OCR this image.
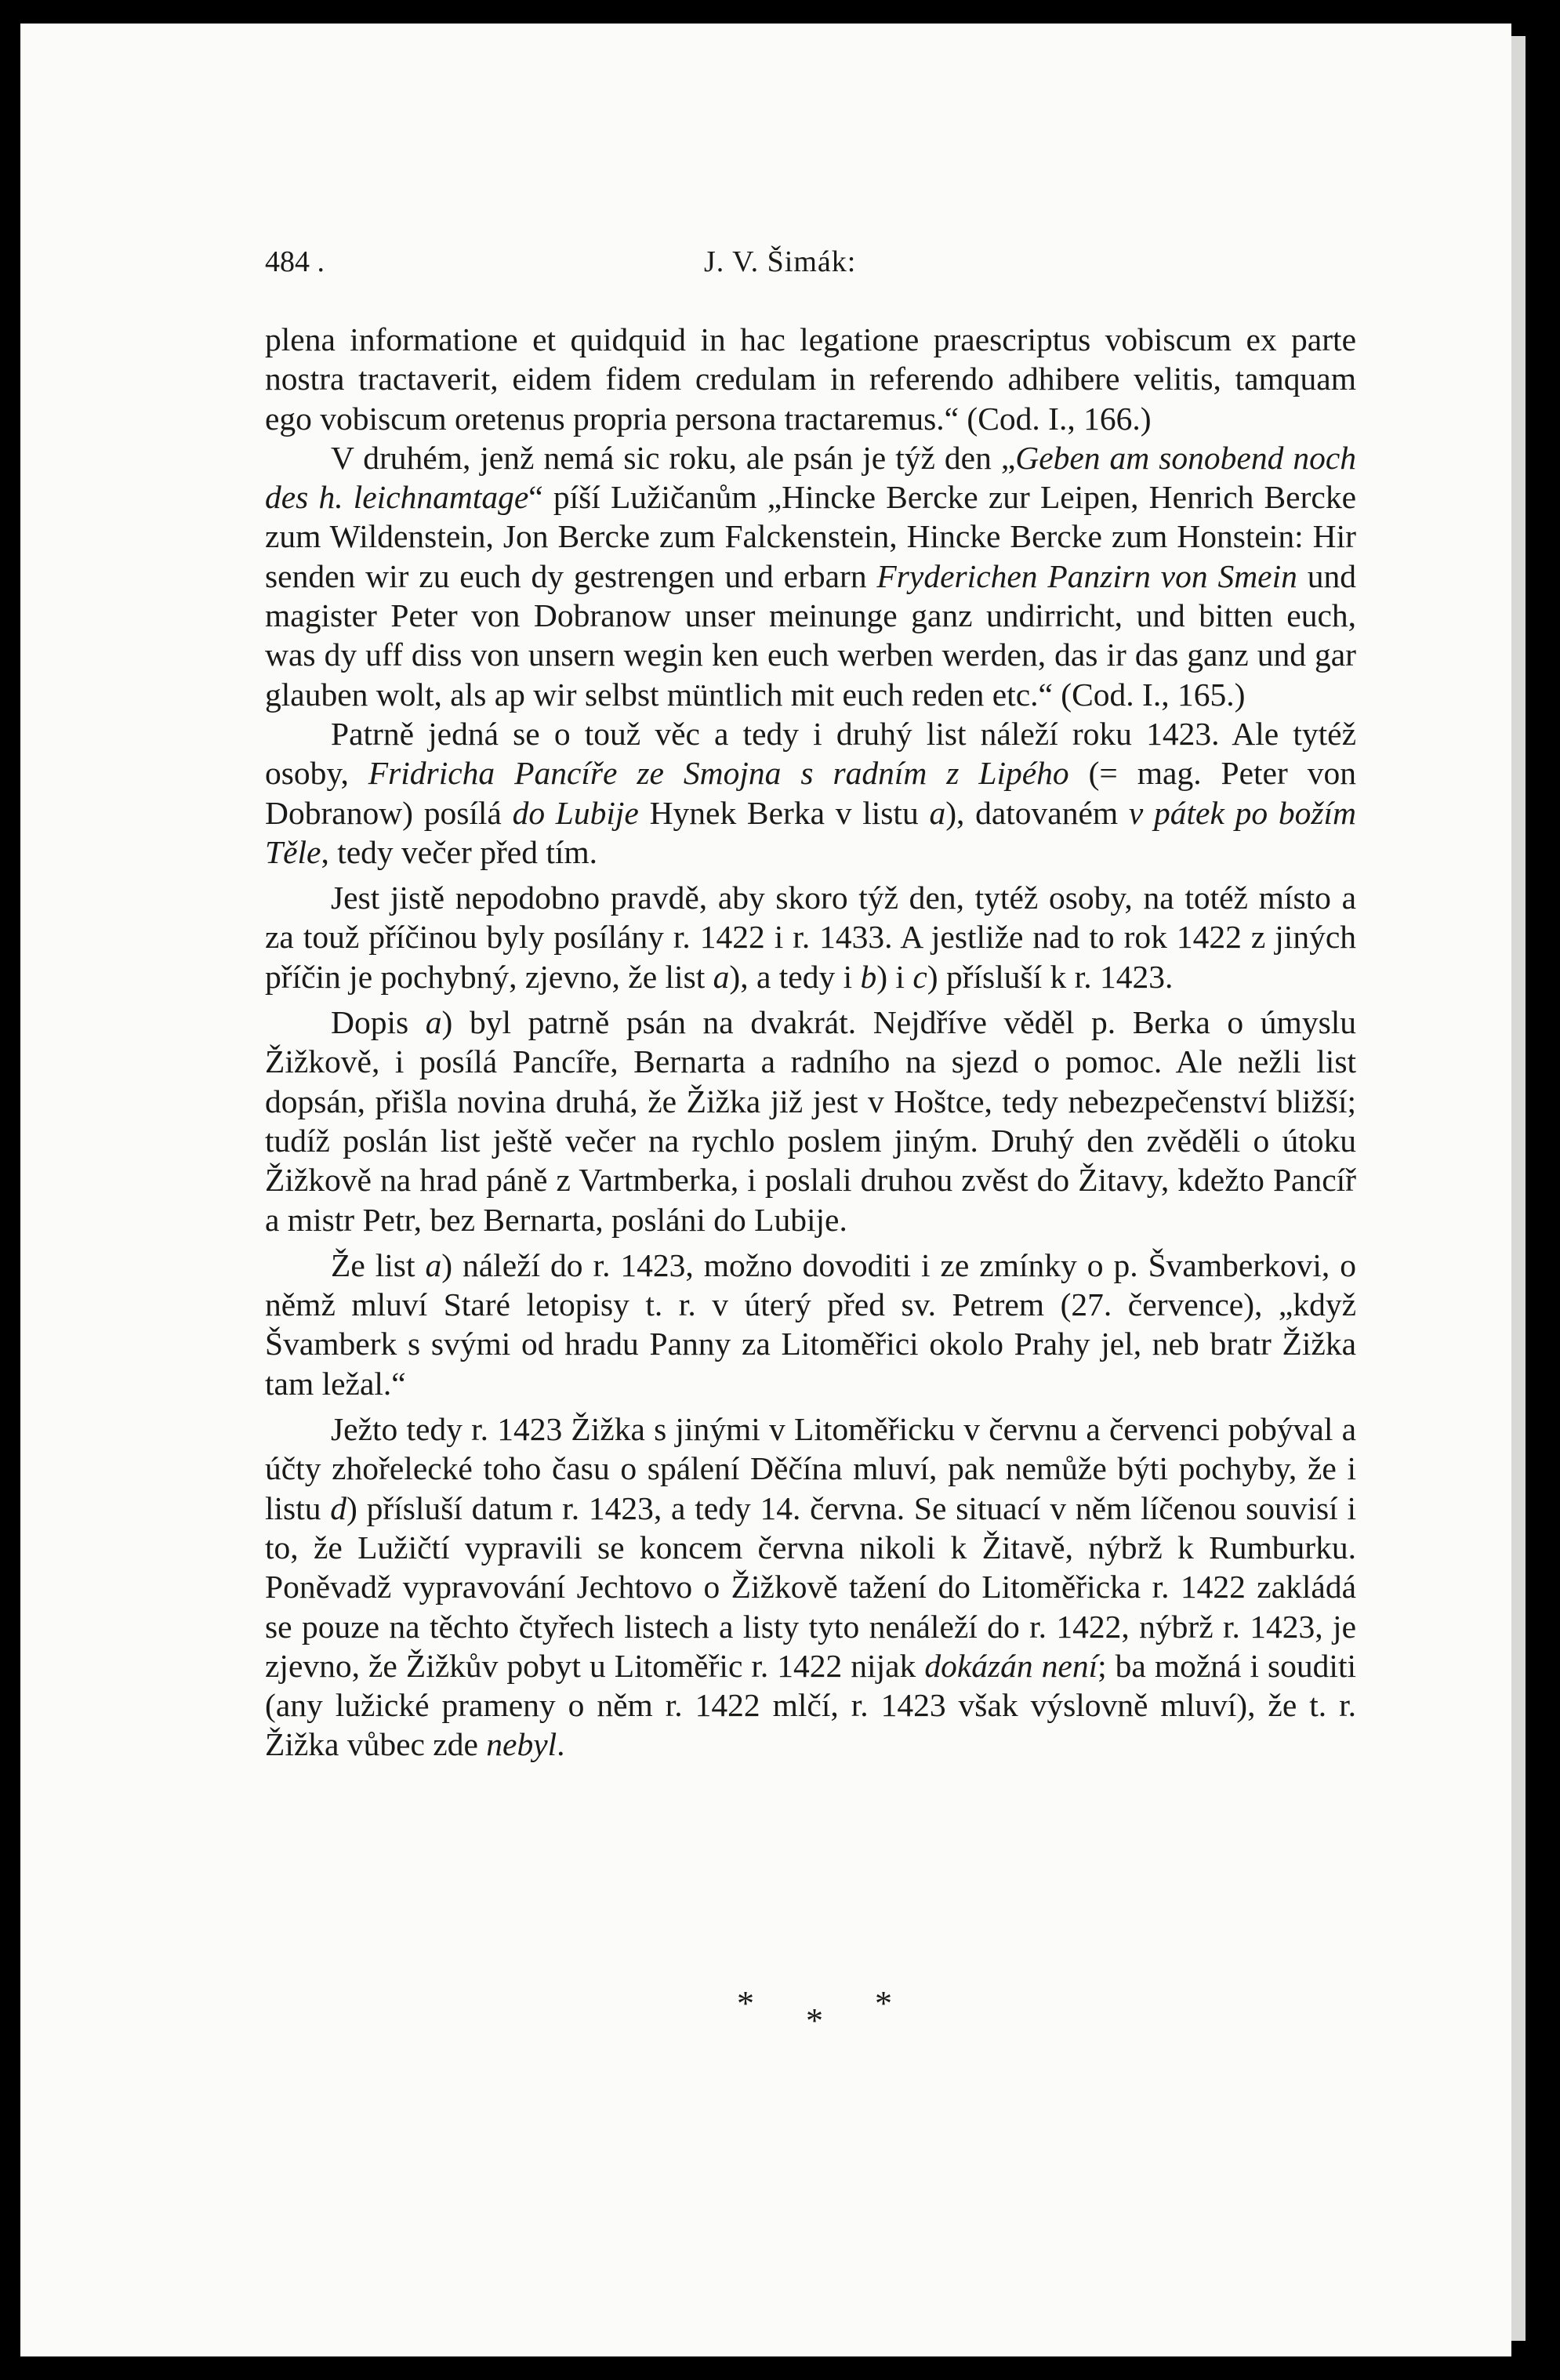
484 .	J. V. Šimák:

plena informatione et quidquid in hac legatione praescriptus vobiscum ex parte nostra tractaverit, eidem fidem credulam in referendo adhibere velitis, tamquam ego vobiscum oretenus propria persona tractaremus.“ (Cod. I., 166.)

V druhém, jenž nemá sic roku, ale psán je týž den „Geben am sonobend noch des h. leichnamtage“ píší Lužičanům „Hincke Bercke zur Leipen, Henrich Bercke zum Wildenstein, Jon Bercke zum Falckenstein, Hincke Bercke zum Honstein: Hir senden wir zu euch dy gestrengen und erbarn Fryderichen Panzirn von Smein und magister Peter von Dobranow unser meinunge ganz undirricht, und bitten euch, was dy uff diss von unsern wegin ken euch werben werden, das ir das ganz und gar glauben wolt, als ap wir selbst müntlich mit euch reden etc.“ (Cod. I., 165.)

Patrně jedná se o touž věc a tedy i druhý list náleží roku 1423. Ale tytéž osoby, Fridricha Pancíře ze Smojna s radním z Lipého (= mag. Peter von Dobranow) posílá do Lubije Hynek Berka v listu a), datovaném v pátek po božím Těle, tedy večer před tím.

Jest jistě nepodobno pravdě, aby skoro týž den, tytéž osoby, na totéž místo a za touž příčinou byly posílány r. 1422 i r. 1433. A jestliže nad to rok 1422 z jiných příčin je pochybný, zjevno, že list a), a tedy i b) i c) přísluší k r. 1423.

Dopis a) byl patrně psán na dvakrát. Nejdříve věděl p. Berka o úmyslu Žižkově, i posílá Pancíře, Bernarta a radního na sjezd o pomoc. Ale nežli list dopsán, přišla novina druhá, že Žižka již jest v Hoštce, tedy nebezpečenství bližší; tudíž poslán list ještě večer na rychlo poslem jiným. Druhý den zvěděli o útoku Žižkově na hrad páně z Vartmberka, i poslali druhou zvěst do Žitavy, kdežto Pancíř a mistr Petr, bez Bernarta, posláni do Lubije.

Že list a) náleží do r. 1423, možno dovoditi i ze zmínky o p. Švamberkovi, o němž mluví Staré letopisy t. r. v úterý před sv. Petrem (27. července), „když Švamberk s svými od hradu Panny za Litoměřici okolo Prahy jel, neb bratr Žižka tam ležal.“

Ježto tedy r. 1423 Žižka s jinými v Litoměřicku v červnu a červenci pobýval a účty zhořelecké toho času o spálení Děčína mluví, pak nemůže býti pochyby, že i listu d) přísluší datum r. 1423, a tedy 14. června. Se situací v něm líčenou souvisí i to, že Lužičtí vypravili se koncem června nikoli k Žitavě, nýbrž k Rumburku. Poněvadž vypravování Jechtovo o Žižkově tažení do Litoměřicka r. 1422 zakládá se pouze na těchto čtyřech listech a listy tyto nenáleží do r. 1422, nýbrž r. 1423, je zjevno, že Žižkův pobyt u Litoměřic r. 1422 nijak dokázán není; ba možná i souditi (any lužické prameny o něm r. 1422 mlčí, r. 1423 však výslovně mluví), že t. r. Žižka vůbec zde nebyl.

* * *
